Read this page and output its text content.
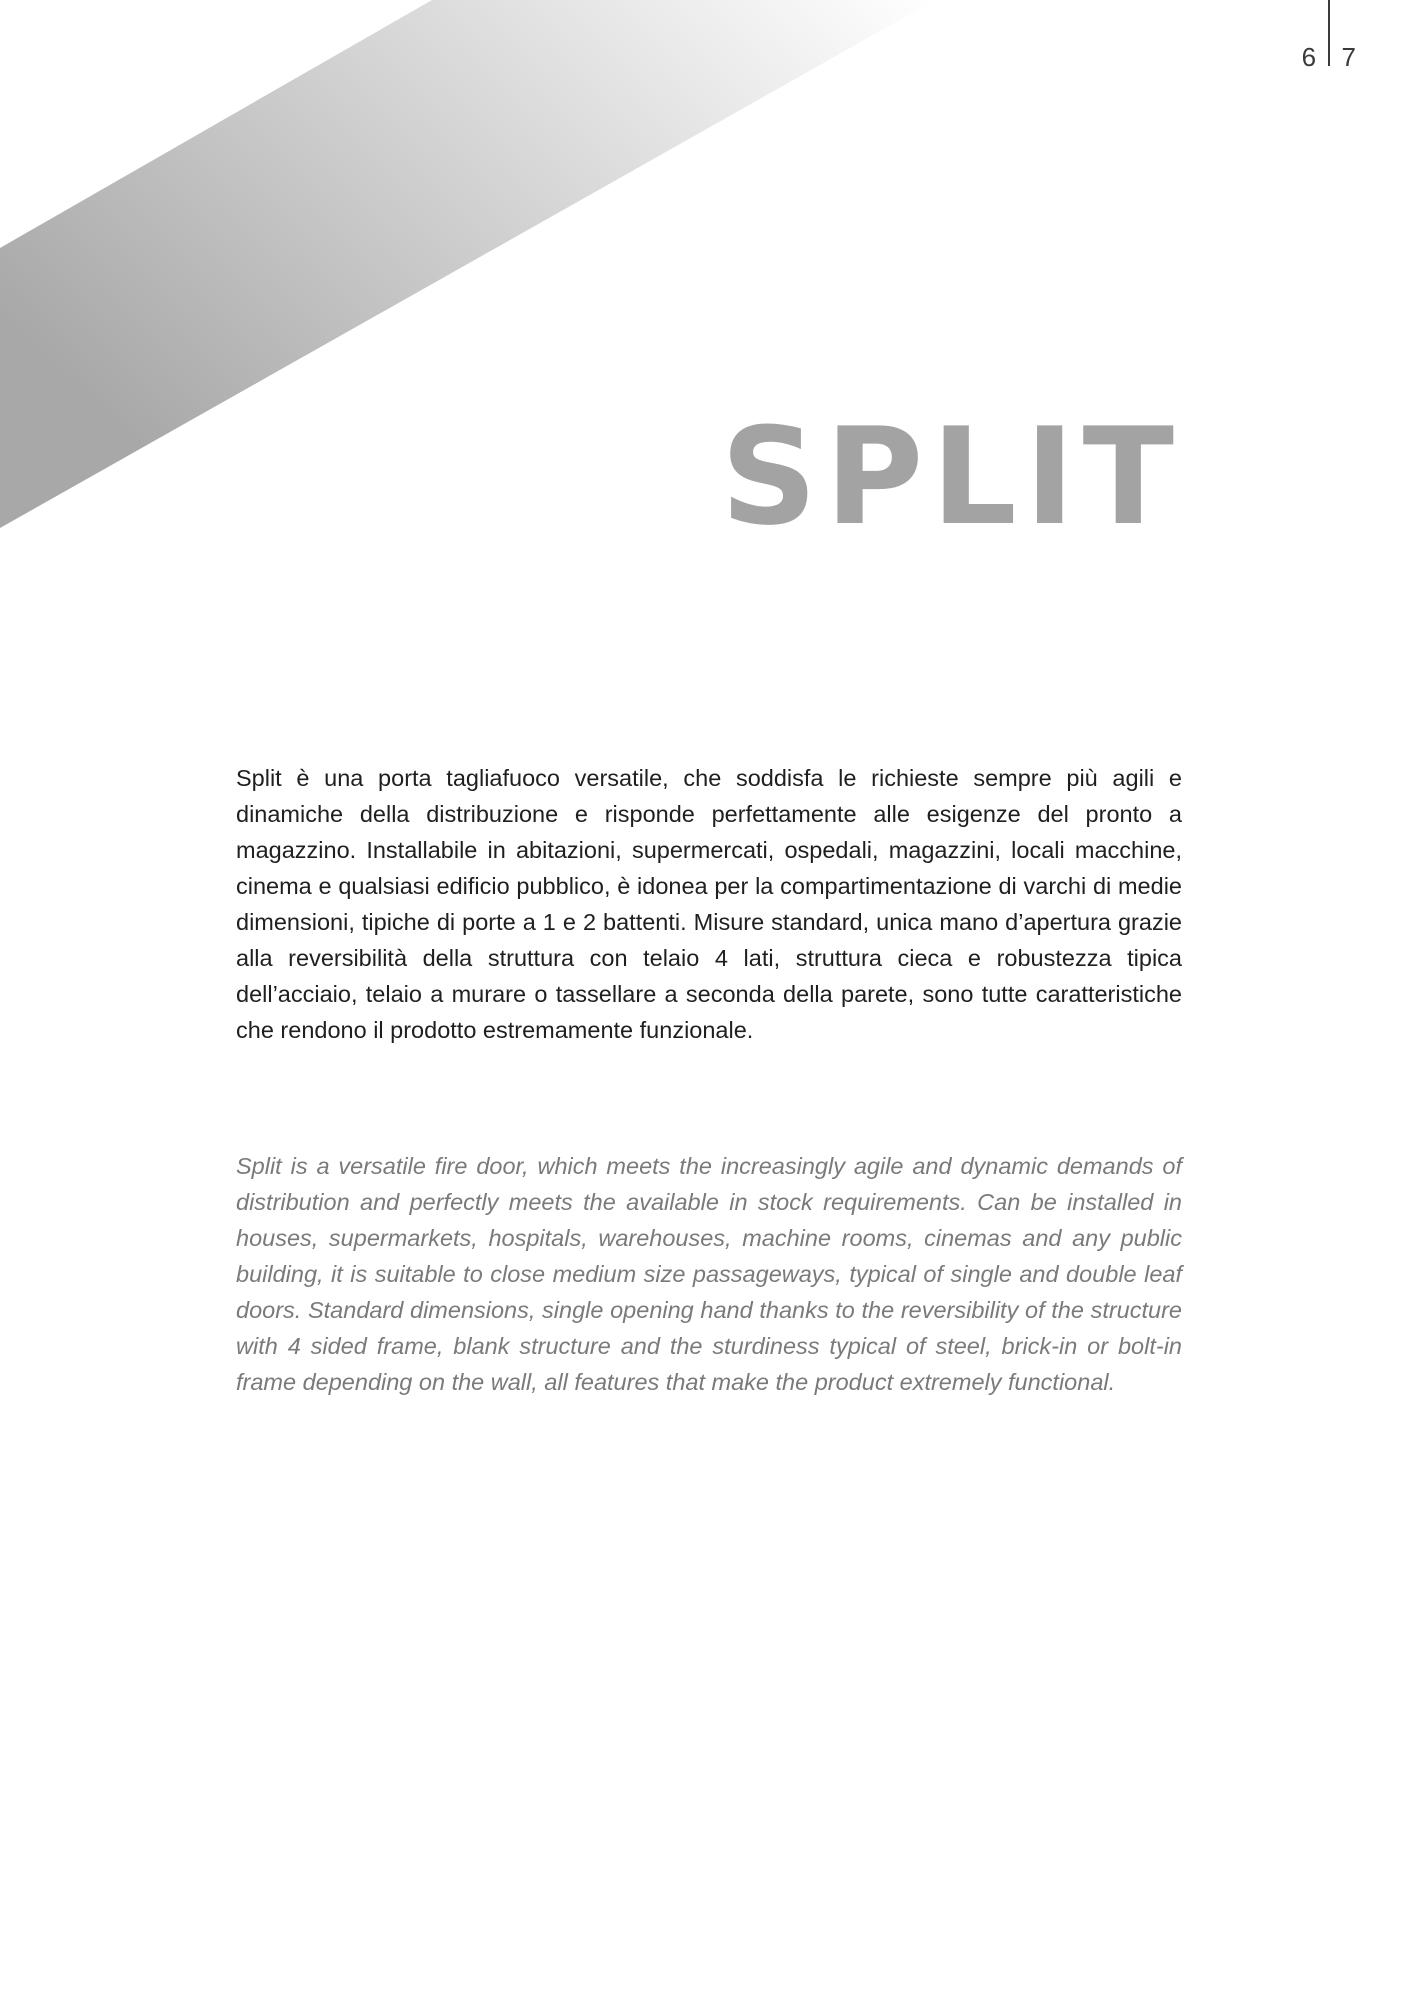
6 7
SPLIT

Split è una porta tagliafuoco versatile, che soddisfa le richieste sempre più agili e dinamiche della distribuzione e risponde perfettamente alle esigenze del pronto a magazzino. Installabile in abitazioni, supermercati, ospedali, magazzini, locali macchine, cinema e qualsiasi edificio pubblico, è idonea per la compartimentazione di varchi di medie dimensioni, tipiche di porte a 1 e 2 battenti. Misure standard, unica mano d’apertura grazie alla reversibilità della struttura con telaio 4 lati, struttura cieca e robustezza tipica dell’acciaio, telaio a murare o tassellare a seconda della parete, sono tutte caratteristiche che rendono il prodotto estremamente funzionale.

Split is a versatile fire door, which meets the increasingly agile and dynamic demands of distribution and perfectly meets the available in stock requirements. Can be installed in houses, supermarkets, hospitals, warehouses, machine rooms, cinemas and any public building, it is suitable to close medium size passageways, typical of single and double leaf doors. Standard dimensions, single opening hand thanks to the reversibility of the structure with 4 sided frame, blank structure and the sturdiness typical of steel, brick-in or bolt-in frame depending on the wall, all features that make the product extremely functional.
